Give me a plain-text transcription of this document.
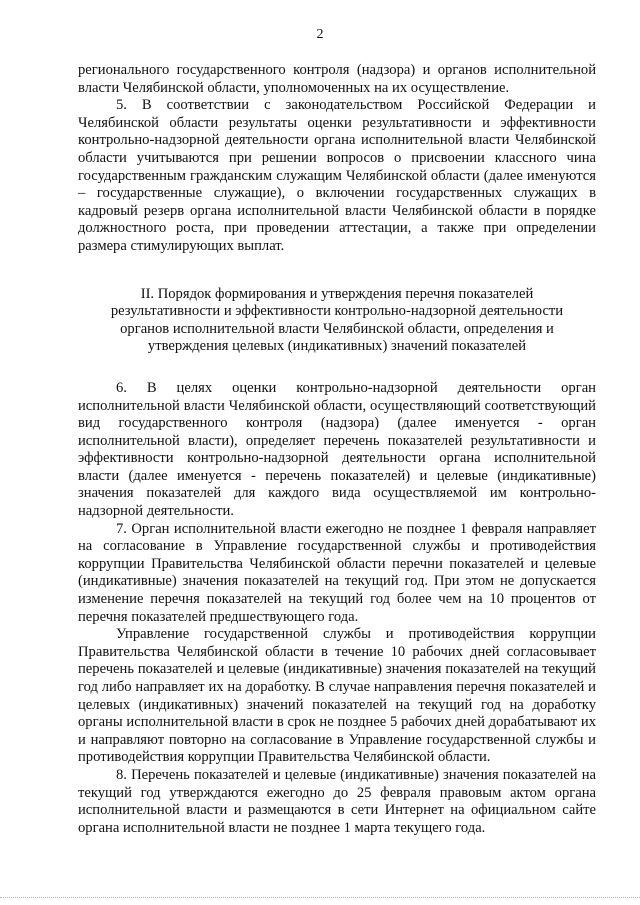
2

регионального государственного контроля (надзора) и органов исполнительной власти Челябинской области, уполномоченных на их осуществление.

5. В соответствии с законодательством Российской Федерации и Челябинской области результаты оценки результативности и эффективности контрольно-надзорной деятельности органа исполнительной власти Челябинской области учитываются при решении вопросов о присвоении классного чина государственным гражданским служащим Челябинской области (далее именуются – государственные служащие), о включении государственных служащих в кадровый резерв органа исполнительной власти Челябинской области в порядке должностного роста, при проведении аттестации, а также при определении размера стимулирующих выплат.

II. Порядок формирования и утверждения перечня показателей
результативности и эффективности контрольно-надзорной деятельности
органов исполнительной власти Челябинской области, определения и
утверждения целевых (индикативных) значений показателей

6. В целях оценки контрольно-надзорной деятельности орган исполнительной власти Челябинской области, осуществляющий соответствующий вид государственного контроля (надзора) (далее именуется - орган исполнительной власти), определяет перечень показателей результативности и эффективности контрольно-надзорной деятельности органа исполнительной власти (далее именуется - перечень показателей) и целевые (индикативные) значения показателей для каждого вида осуществляемой им контрольно-надзорной деятельности.

7. Орган исполнительной власти ежегодно не позднее 1 февраля направляет на согласование в Управление государственной службы и противодействия коррупции Правительства Челябинской области перечни показателей и целевые (индикативные) значения показателей на текущий год. При этом не допускается изменение перечня показателей на текущий год более чем на 10 процентов от перечня показателей предшествующего года.

Управление государственной службы и противодействия коррупции Правительства Челябинской области в течение 10 рабочих дней согласовывает перечень показателей и целевые (индикативные) значения показателей на текущий год либо направляет их на доработку. В случае направления перечня показателей и целевых (индикативных) значений показателей на текущий год на доработку органы исполнительной власти в срок не позднее 5 рабочих дней дорабатывают их и направляют повторно на согласование в Управление государственной службы и противодействия коррупции Правительства Челябинской области.

8. Перечень показателей и целевые (индикативные) значения показателей на текущий год утверждаются ежегодно до 25 февраля правовым актом органа исполнительной власти и размещаются в сети Интернет на официальном сайте органа исполнительной власти не позднее 1 марта текущего года.
